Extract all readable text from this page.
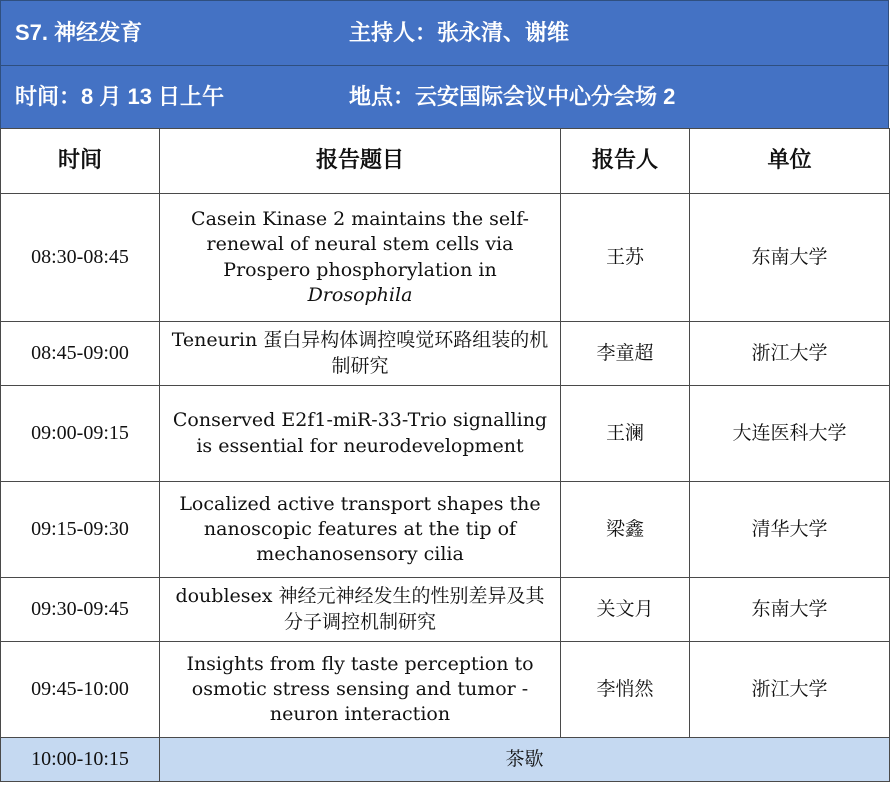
S7. 神经发育	主持人：张永清、谢维
时间：8 月 13 日上午	地点：云安国际会议中心分会场 2
时间	报告题目	报告人	单位
08:30-08:45	Casein Kinase 2 maintains the self-renewal of neural stem cells via Prospero phosphorylation in Drosophila	王苏	东南大学
08:45-09:00	Teneurin 蛋白异构体调控嗅觉环路组装的机制研究	李童超	浙江大学
09:00-09:15	Conserved E2f1-miR-33-Trio signalling is essential for neurodevelopment	王澜	大连医科大学
09:15-09:30	Localized active transport shapes the nanoscopic features at the tip of mechanosensory cilia	梁鑫	清华大学
09:30-09:45	doublesex 神经元神经发生的性别差异及其分子调控机制研究	关文月	东南大学
09:45-10:00	Insights from fly taste perception to osmotic stress sensing and tumor - neuron interaction	李悄然	浙江大学
10:00-10:15	茶歇		
